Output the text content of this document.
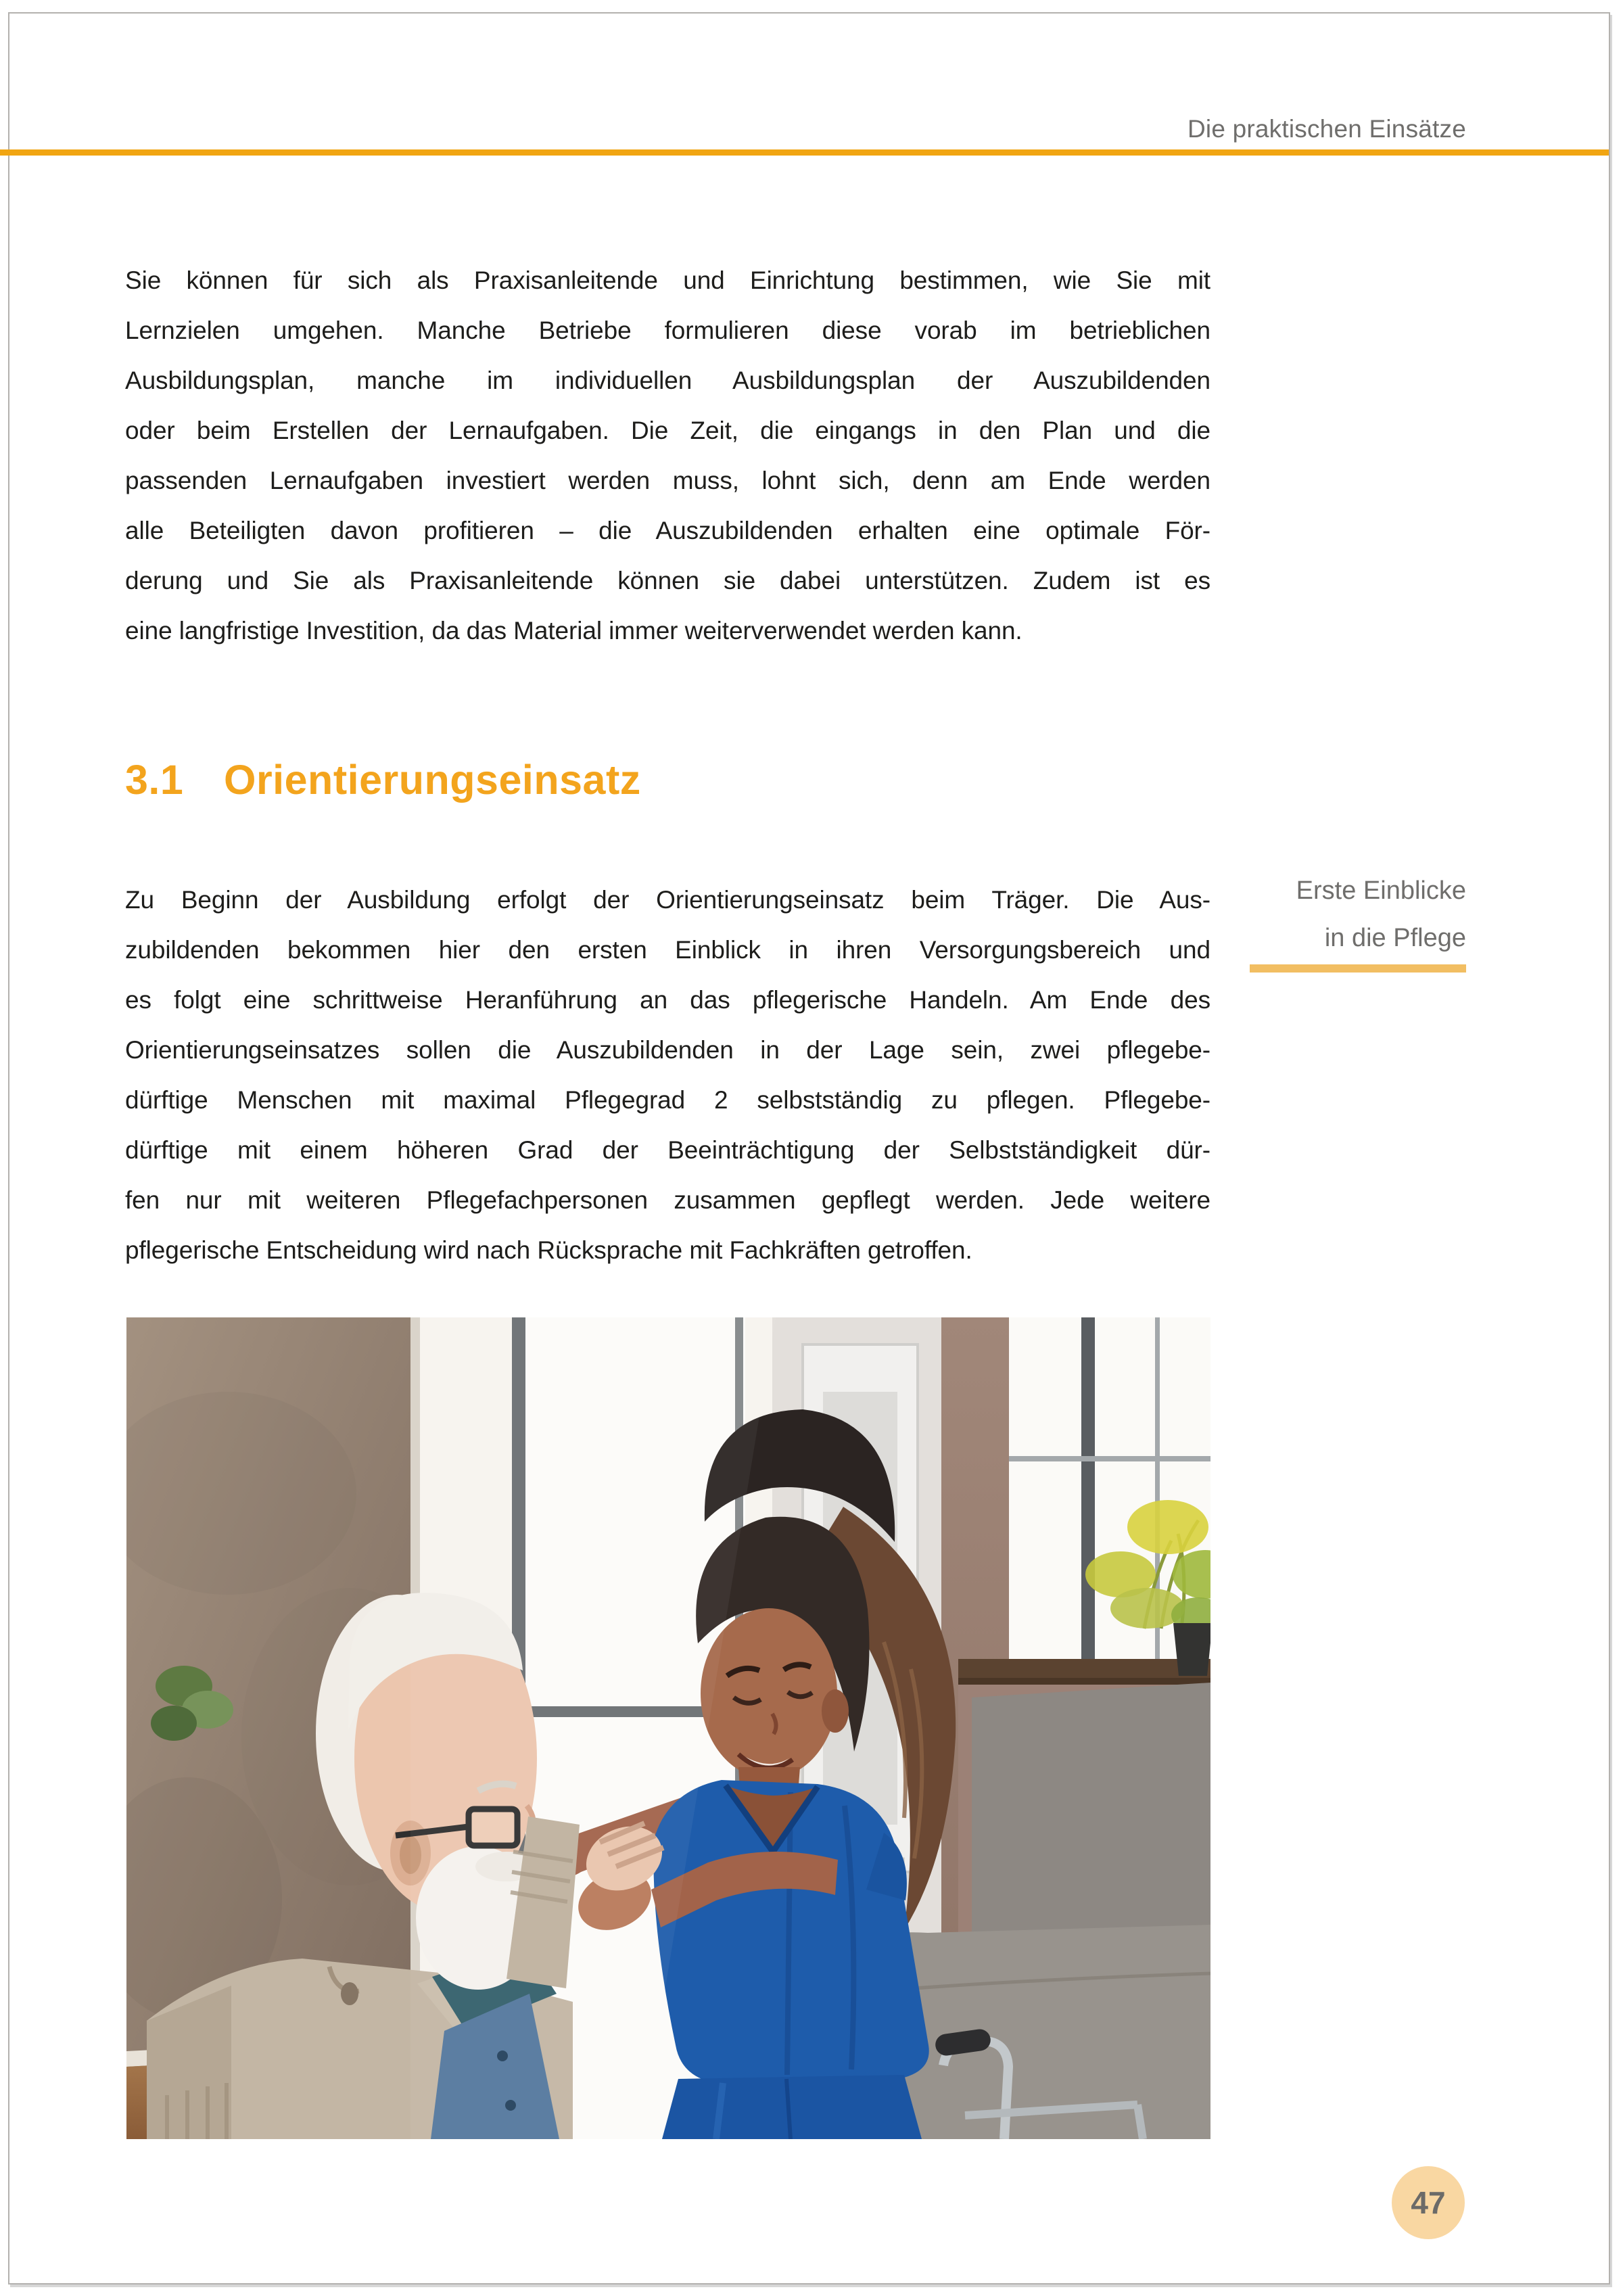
Die praktischen Einsätze
Sie können für sich als Praxisanleitende und Einrichtung bestimmen, wie Sie mit
Lernzielen umgehen. Manche Betriebe formulieren diese vorab im betrieblichen
Ausbildungsplan, manche im individuellen Ausbildungsplan der Auszubildenden
oder beim Erstellen der Lernaufgaben. Die Zeit, die eingangs in den Plan und die
passenden Lernaufgaben investiert werden muss, lohnt sich, denn am Ende werden
alle Beteiligten davon profitieren – die Auszubildenden erhalten eine optimale För-
derung und Sie als Praxisanleitende können sie dabei unterstützen. Zudem ist es
eine langfristige Investition, da das Material immer weiterverwendet werden kann.
3.1 Orientierungseinsatz
Zu Beginn der Ausbildung erfolgt der Orientierungseinsatz beim Träger. Die Aus-
zubildenden bekommen hier den ersten Einblick in ihren Versorgungsbereich und
es folgt eine schrittweise Heranführung an das pflegerische Handeln. Am Ende des
Orientierungseinsatzes sollen die Auszubildenden in der Lage sein, zwei pflegebe-
dürftige Menschen mit maximal Pflegegrad 2 selbstständig zu pflegen. Pflegebe-
dürftige mit einem höheren Grad der Beeinträchtigung der Selbstständigkeit dür-
fen nur mit weiteren Pflegefachpersonen zusammen gepflegt werden. Jede weitere
pflegerische Entscheidung wird nach Rücksprache mit Fachkräften getroffen.
Erste Einblicke
in die Pflege
47
